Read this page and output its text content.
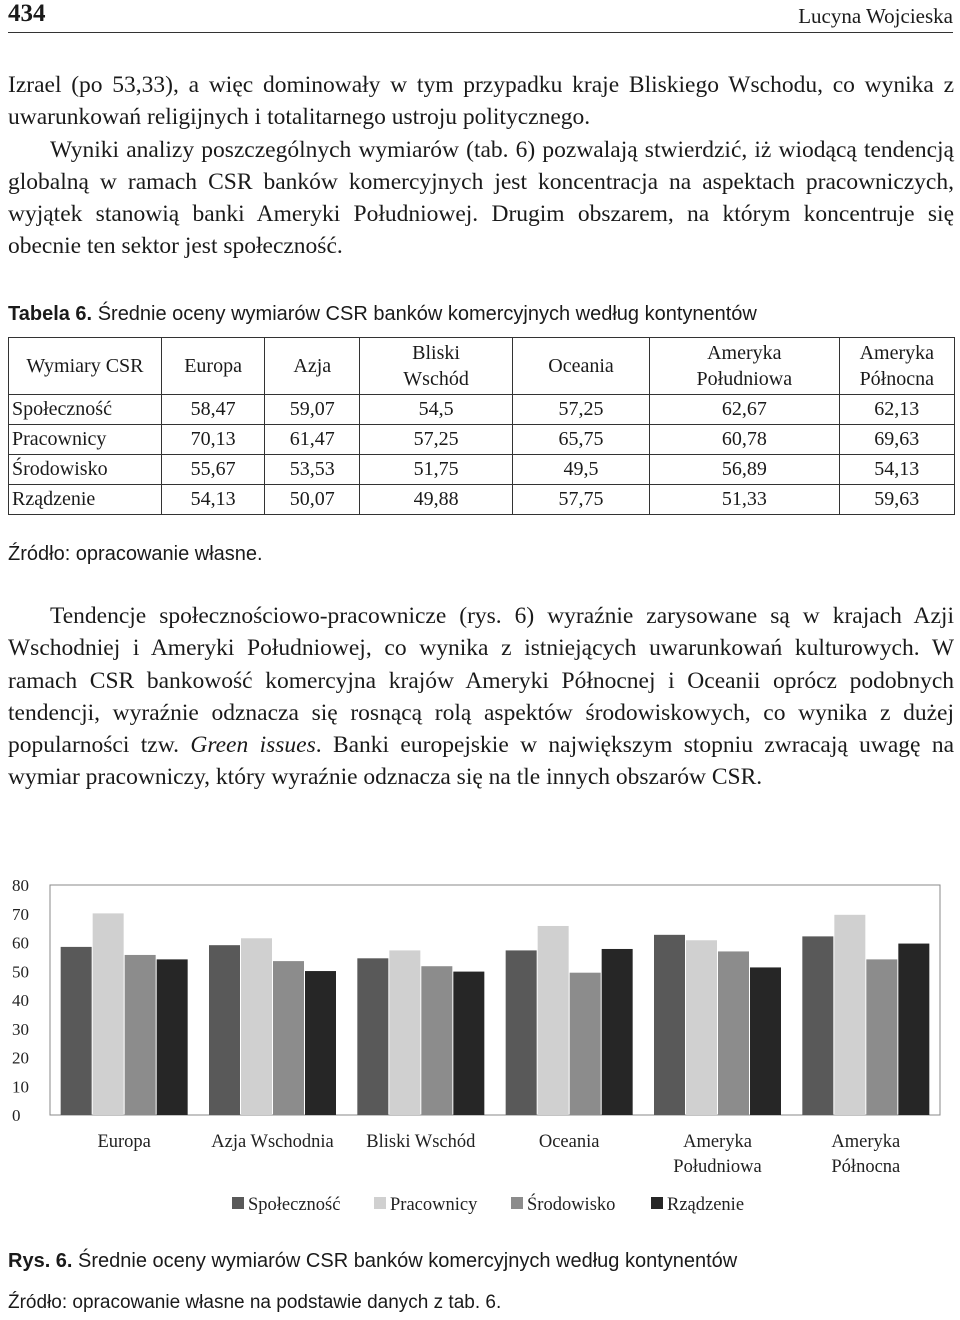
434	Lucyna Wojcieska

Izrael (po 53,33), a więc dominowały w tym przypadku kraje Bliskiego Wschodu, co wynika z uwarunkowań religijnych i totalitarnego ustroju politycznego.

Wyniki analizy poszczególnych wymiarów (tab. 6) pozwalają stwierdzić, iż wiodącą tendencją globalną w ramach CSR banków komercyjnych jest koncentracja na aspektach pracowniczych, wyjątek stanowią banki Ameryki Południowej. Drugim obszarem, na którym koncentruje się obecnie ten sektor jest społeczność.

Tabela 6. Średnie oceny wymiarów CSR banków komercyjnych według kontynentów
Wymiary CSR	Europa	Azja	Bliski Wschód	Oceania	Ameryka Południowa	Ameryka Północna
Społeczność	58,47	59,07	54,5	57,25	62,67	62,13
Pracownicy	70,13	61,47	57,25	65,75	60,78	69,63
Środowisko	55,67	53,53	51,75	49,5	56,89	54,13
Rządzenie	54,13	50,07	49,88	57,75	51,33	59,63
Źródło: opracowanie własne.

Tendencje społecznościowo-pracownicze (rys. 6) wyraźnie zarysowane są w krajach Azji Wschodniej i Ameryki Południowej, co wynika z istniejących uwarunkowań kulturowych. W ramach CSR bankowość komercyjna krajów Ameryki Północnej i Oceanii oprócz podobnych tendencji, wyraźnie odznacza się rosnącą rolą aspektów środowiskowych, co wynika z dużej popularności tzw. Green issues. Banki europejskie w największym stopniu zwracają uwagę na wymiar pracowniczy, który wyraźnie odznacza się na tle innych obszarów CSR.

0
10
20
30
40
50
60
70
80
Europa	Azja Wschodnia Bliski Wschód	Oceania	Ameryka
Południowa
Ameryka
Północna
Społeczność	Pracownicy	Środowisko	Rządzenie
Rys. 6. Średnie oceny wymiarów CSR banków komercyjnych według kontynentów
Źródło: opracowanie własne na podstawie danych z tab. 6.
